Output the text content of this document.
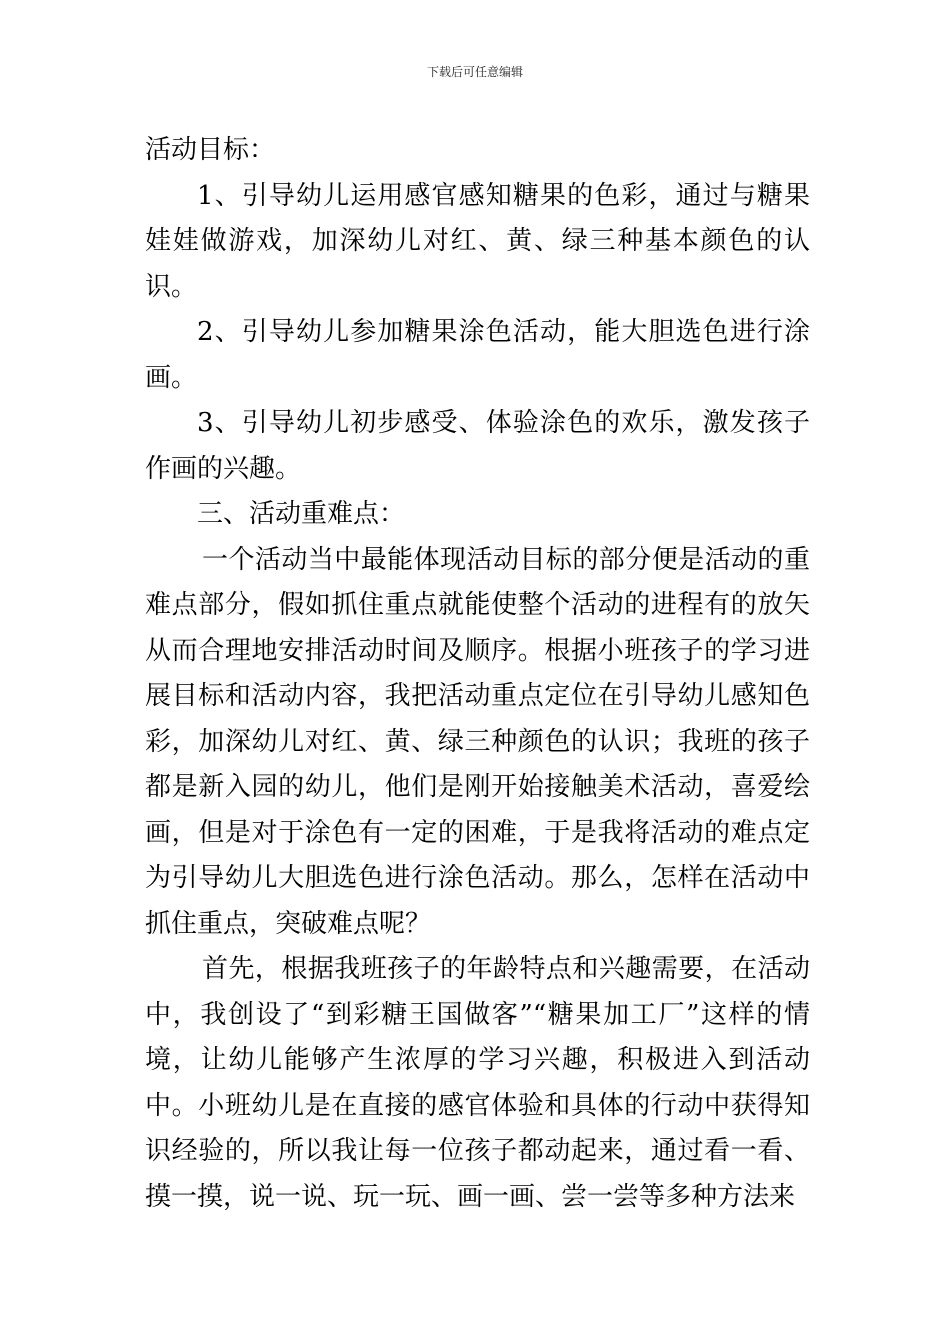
下载后可任意编辑

活动目标：

1、引导幼儿运用感官感知糖果的色彩，通过与糖果娃娃做游戏，加深幼儿对红、黄、绿三种基本颜色的认识。

2、引导幼儿参加糖果涂色活动，能大胆选色进行涂画。

3、引导幼儿初步感受、体验涂色的欢乐，激发孩子作画的兴趣。

三、活动重难点：

一个活动当中最能体现活动目标的部分便是活动的重难点部分，假如抓住重点就能使整个活动的进程有的放矢从而合理地安排活动时间及顺序。根据小班孩子的学习进展目标和活动内容，我把活动重点定位在引导幼儿感知色彩，加深幼儿对红、黄、绿三种颜色的认识；我班的孩子都是新入园的幼儿，他们是刚开始接触美术活动，喜爱绘画，但是对于涂色有一定的困难，于是我将活动的难点定为引导幼儿大胆选色进行涂色活动。那么，怎样在活动中抓住重点，突破难点呢？

首先，根据我班孩子的年龄特点和兴趣需要，在活动中，我创设了“到彩糖王国做客”“糖果加工厂”这样的情境，让幼儿能够产生浓厚的学习兴趣，积极进入到活动中。小班幼儿是在直接的感官体验和具体的行动中获得知识经验的，所以我让每一位孩子都动起来，通过看一看、摸一摸，说一说、玩一玩、画一画、尝一尝等多种方法来
